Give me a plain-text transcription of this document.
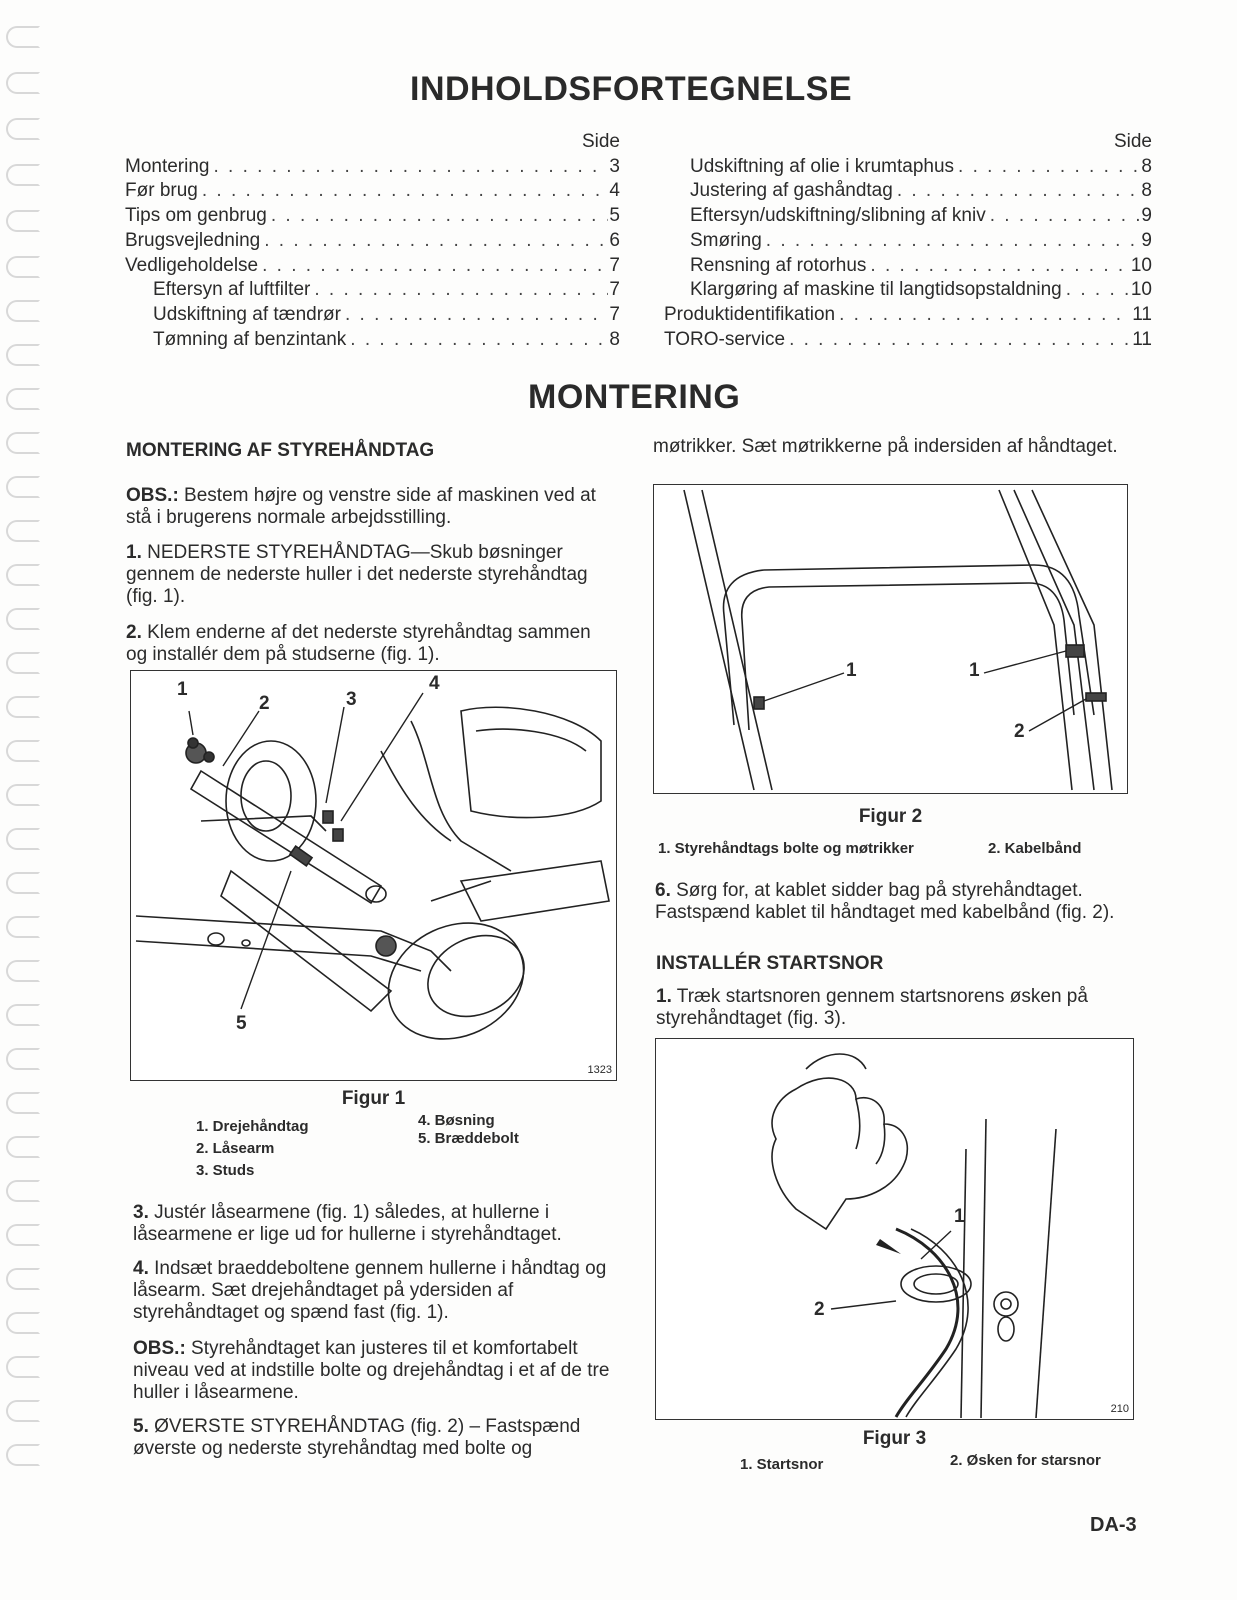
INDHOLDSFORTEGNELSE
Side
Montering . . .	3
Før brug . . .	4
Tips om genbrug . . .	5
Brugsvejledning . . .	6
Vedligeholdelse . . .	7
Eftersyn af luftfilter . . .	7
Udskiftning af tændrør . . .	7
Tømning af benzintank . . .	8
Side
Udskiftning af olie i krumtaphus . . .	8
Justering af gashåndtag . . .	8
Eftersyn/udskiftning/slibning af kniv . . .	9
Smøring . . .	9
Rensning af rotorhus . . .	10
Klargøring af maskine til langtidsopstaldning . . .	10
Produktidentifikation . . .	11
TORO-service . . .	11
MONTERING
MONTERING AF STYREHÅNDTAG

OBS.: Bestem højre og venstre side af maskinen ved at stå i brugerens normale arbejdsstilling.

1. NEDERSTE STYREHÅNDTAG—Skub bøsninger gennem de nederste huller i det nederste styrehåndtag (fig. 1).

2. Klem enderne af det nederste styrehåndtag sammen og installér dem på studserne (fig. 1).

1
2	3
4
5
1323
Figur 1
1. Drejehåndtag
2. Låsearm
3. Studs
4. Bøsning
5. Bræddebolt

3. Justér låsearmene (fig. 1) således, at hullerne i låsearmene er lige ud for hullerne i styrehåndtaget.

4. Indsæt braeddeboltene gennem hullerne i håndtag og låsearm. Sæt drejehåndtaget på ydersiden af styrehåndtaget og spænd fast (fig. 1).

OBS.: Styrehåndtaget kan justeres til et komfortabelt niveau ved at indstille bolte og drejehåndtag i et af de tre huller i låsearmene.

5. ØVERSTE STYREHÅNDTAG (fig. 2) – Fastspænd øverste og nederste styrehåndtag med bolte og

møtrikker. Sæt møtrikkerne på indersiden af håndtaget.

1	1
2
Figur 2
1. Styrehåndtags bolte og møtrikker	2. Kabelbånd

6. Sørg for, at kablet sidder bag på styrehåndtaget. Fastspænd kablet til håndtaget med kabelbånd (fig. 2).

INSTALLÉR STARTSNOR

1. Træk startsnoren gennem startsnorens øsken på styrehåndtaget (fig. 3).

1
2
210
Figur 3
1. Startsnor	2. Øsken for starsnor
DA-3
